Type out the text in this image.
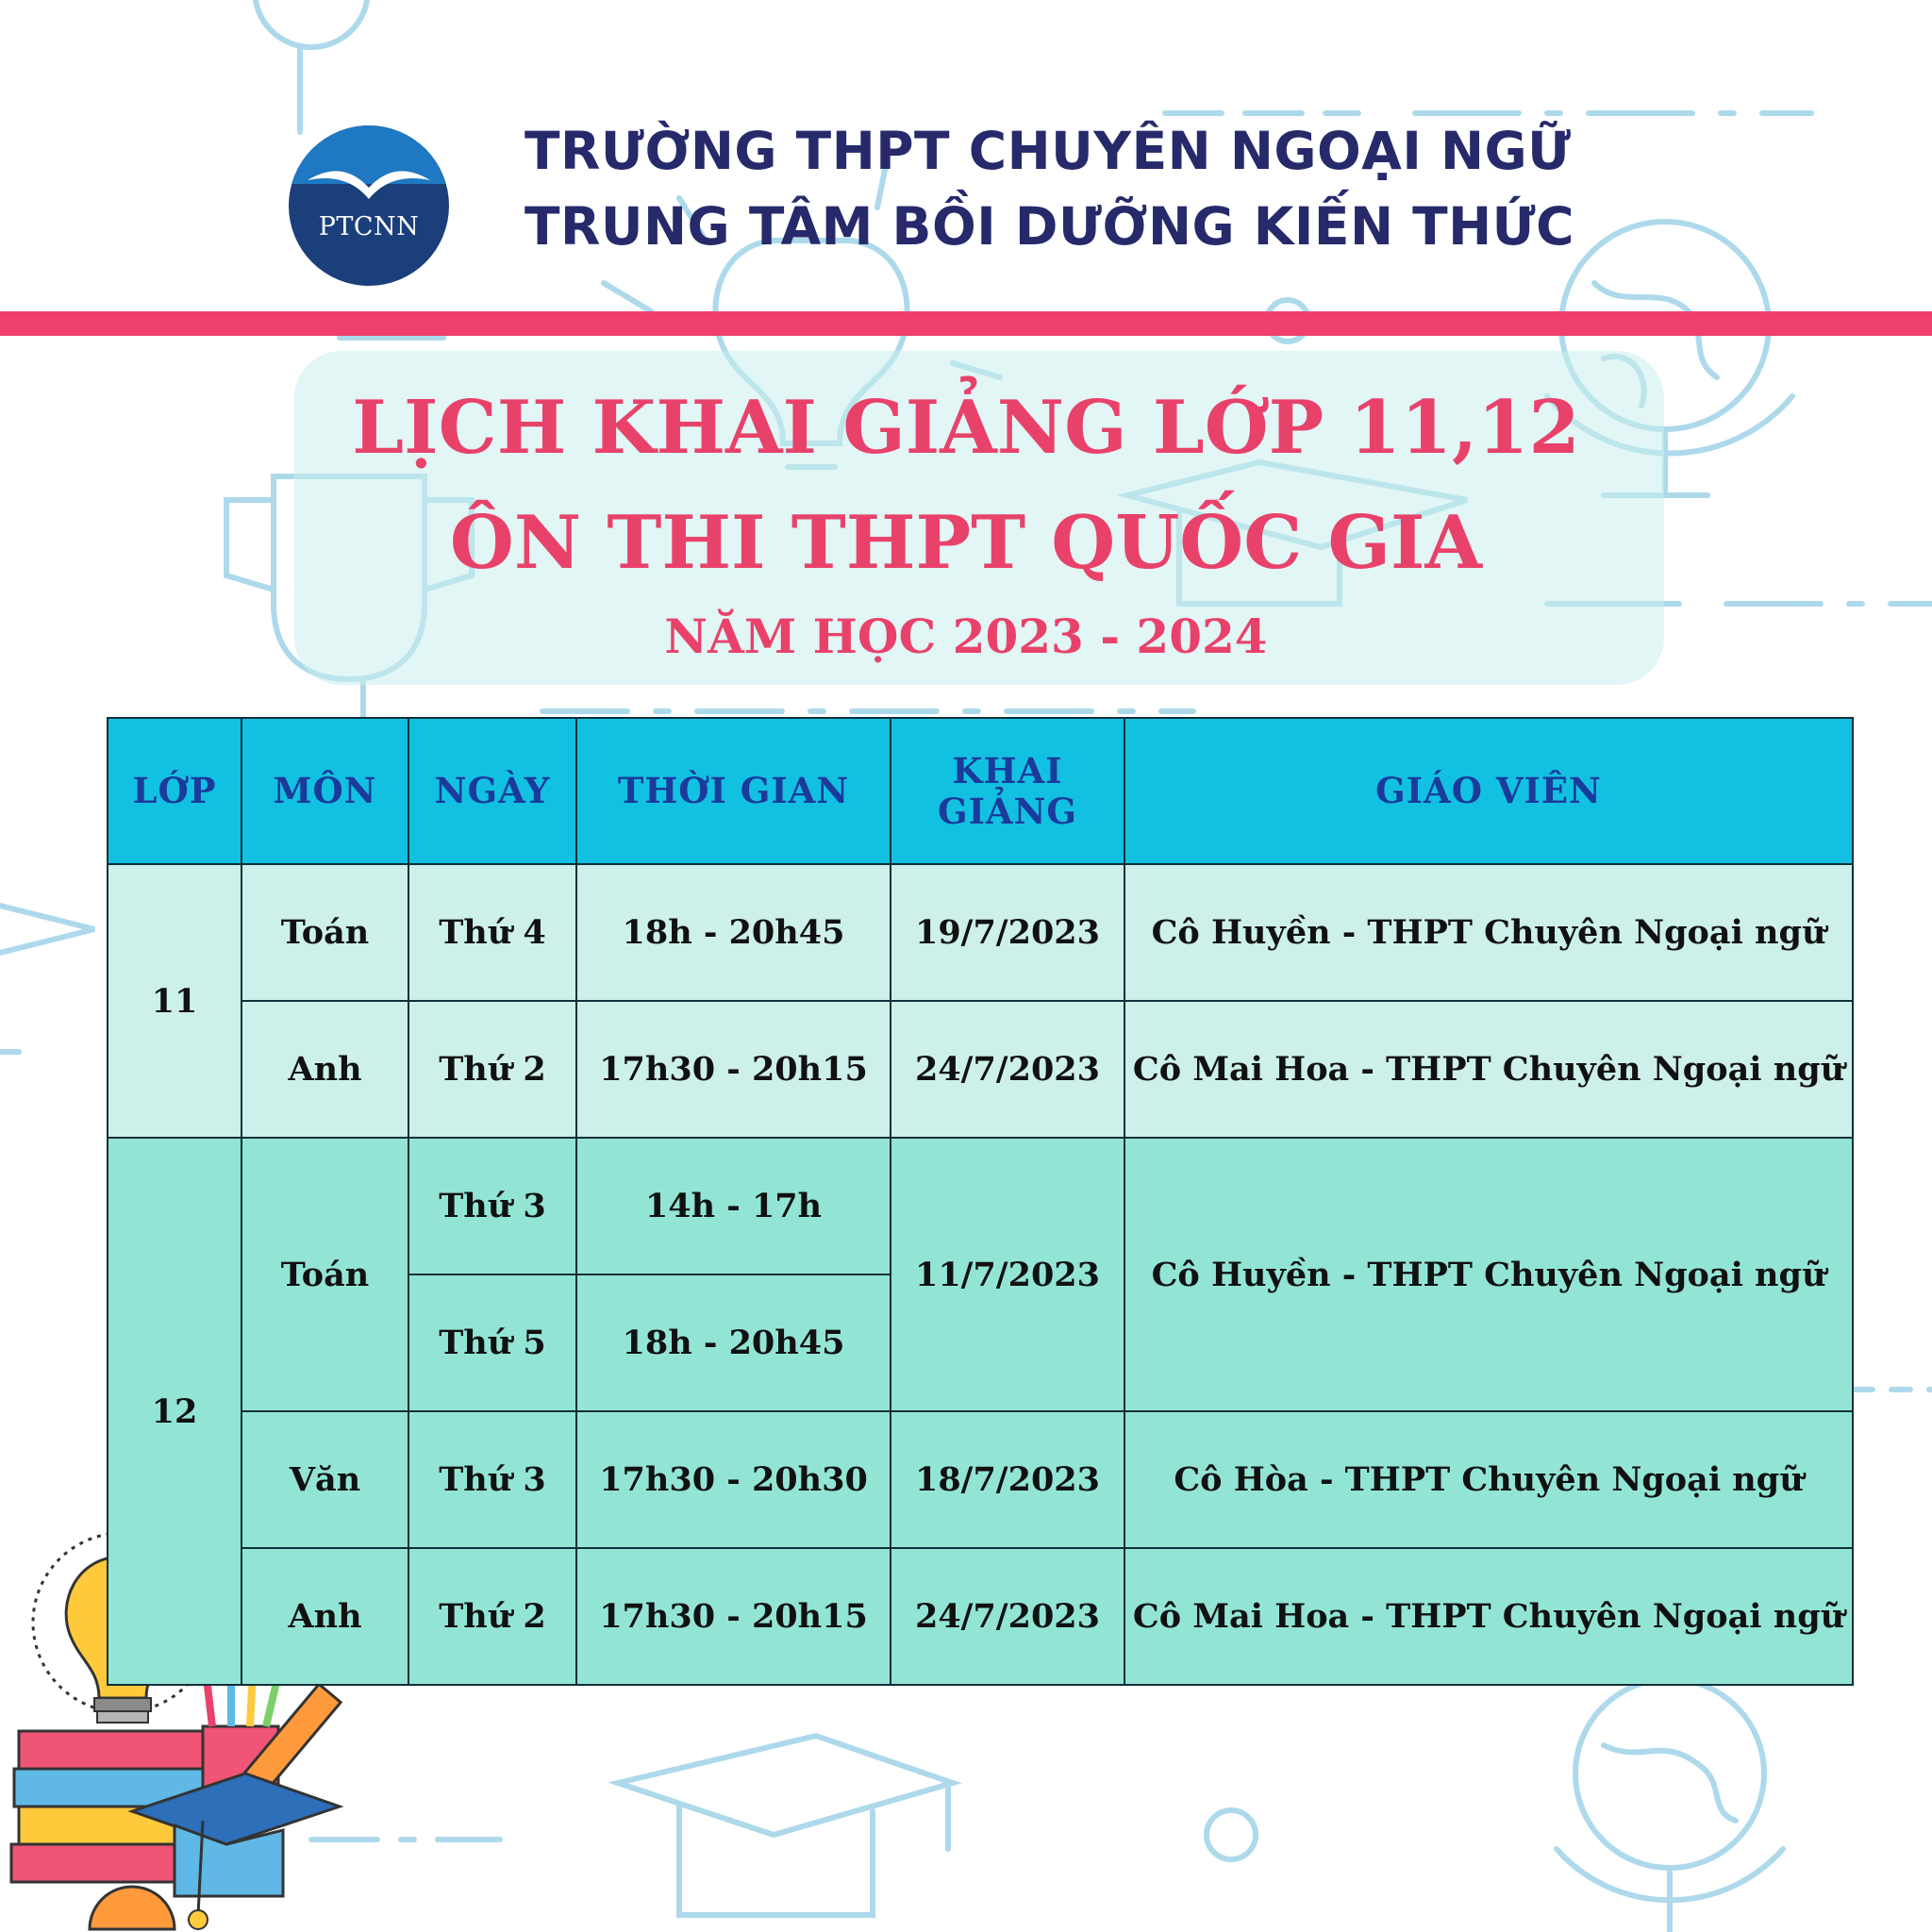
PTCNN
TRƯỜNG THPT CHUYÊN NGOẠI NGỮ
TRUNG TÂM BỒI DƯỠNG KIẾN THỨC
LỊCH KHAI GIẢNG LỚP 11,12
ÔN THI THPT QUỐC GIA
NĂM HỌC 2023 - 2024
LỚP	MÔN	NGÀY	THỜI GIAN	KHAI GIẢNG	GIÁO VIÊN
11	Toán	Thứ 4	18h - 20h45	19/7/2023	Cô Huyền - THPT Chuyên Ngoại ngữ
	Anh	Thứ 2	17h30 - 20h15	24/7/2023	Cô Mai Hoa - THPT Chuyên Ngoại ngữ
12	Toán	Thứ 3	14h - 17h	11/7/2023	Cô Huyền - THPT Chuyên Ngoại ngữ
		Thứ 5	18h - 20h45		
	Văn	Thứ 3	17h30 - 20h30	18/7/2023	Cô Hòa - THPT Chuyên Ngoại ngữ
	Anh	Thứ 2	17h30 - 20h15	24/7/2023	Cô Mai Hoa - THPT Chuyên Ngoại ngữ
